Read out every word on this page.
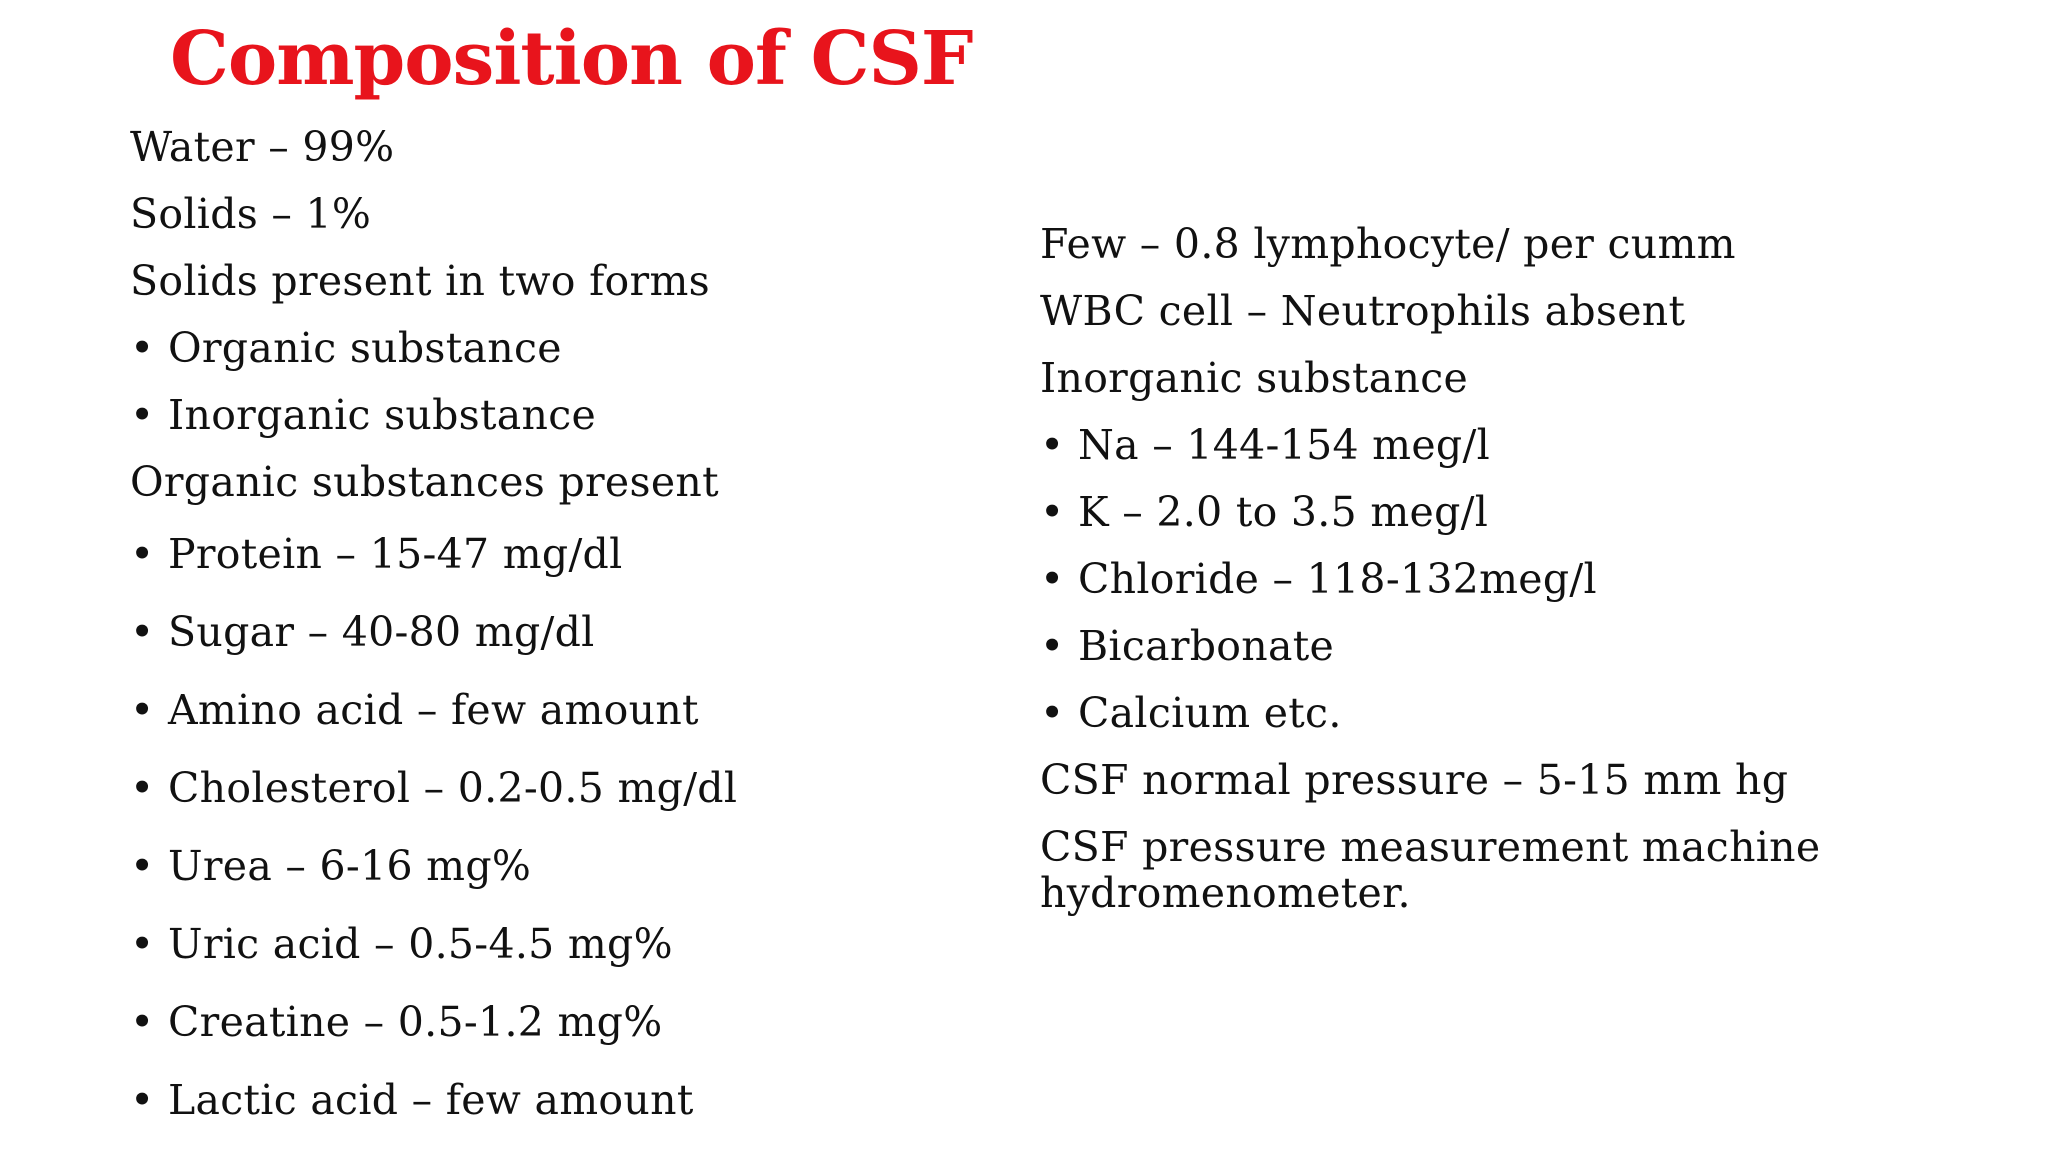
Composition of CSF
Water – 99%
Solids – 1%
Solids present in two forms
• Organic substance
• Inorganic substance
Organic substances present
• Protein – 15-47 mg/dl
• Sugar – 40-80 mg/dl
• Amino acid – few amount
• Cholesterol – 0.2-0.5 mg/dl
• Urea – 6-16 mg%
• Uric acid – 0.5-4.5 mg%
• Creatine – 0.5-1.2 mg%
• Lactic acid – few amount
Few – 0.8 lymphocyte/ per cumm
WBC cell – Neutrophils absent
Inorganic substance
• Na – 144-154 meg/l
• K – 2.0 to 3.5 meg/l
• Chloride – 118-132meg/l
• Bicarbonate
• Calcium etc.
CSF normal pressure – 5-15 mm hg
CSF pressure measurement machine
hydromenometer.
